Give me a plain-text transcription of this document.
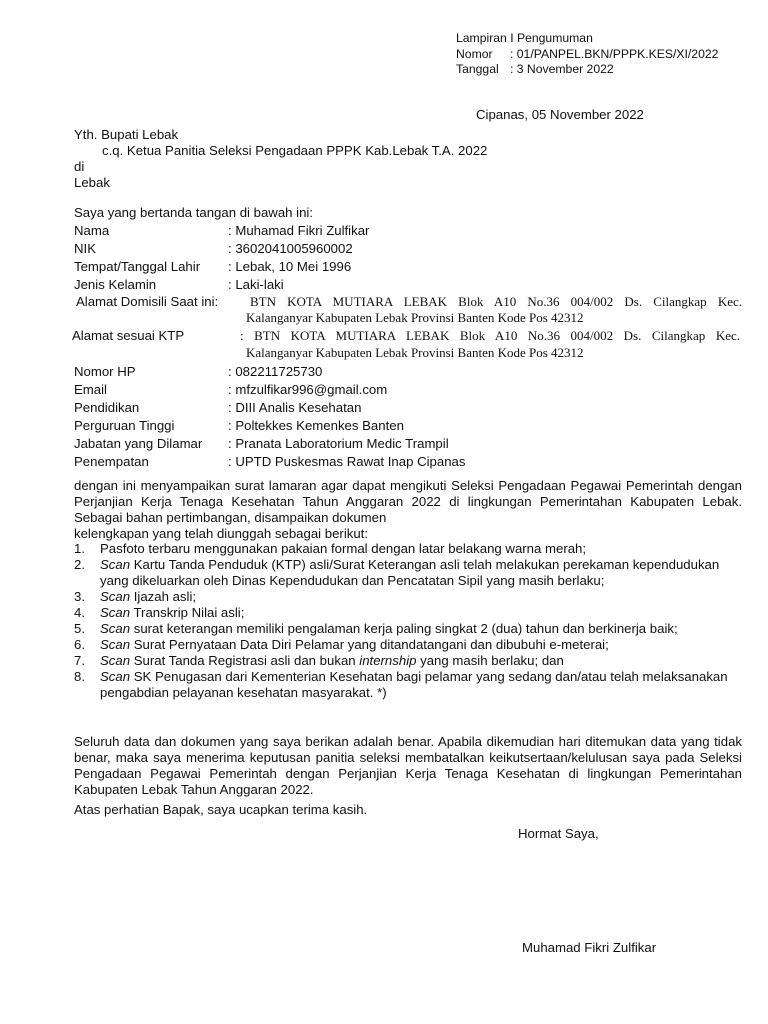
Lampiran I Pengumuman
Nomor	: 01/PANPEL.BKN/PPPK.KES/XI/2022
Tanggal : 3 November 2022
Cipanas, 05 November 2022
Yth. Bupati Lebak
c.q. Ketua Panitia Seleksi Pengadaan PPPK Kab.Lebak T.A. 2022
di
Lebak
Saya yang bertanda tangan di bawah ini:
Nama	: Muhamad Fikri Zulfikar
NIK	: 3602041005960002
Tempat/Tanggal Lahir	: Lebak, 10 Mei 1996
Jenis Kelamin	: Laki-laki
Alamat Domisili Saat ini: BTN KOTA MUTIARA LEBAK Blok A10 No.36 004/002 Ds. Cilangkap Kec.
Kalanganyar Kabupaten Lebak Provinsi Banten Kode Pos 42312
Alamat sesuai KTP	: BTN KOTA MUTIARA LEBAK Blok A10 No.36 004/002 Ds. Cilangkap Kec.
Kalanganyar Kabupaten Lebak Provinsi Banten Kode Pos 42312
Nomor HP	: 082211725730
Email	: mfzulfikar996@gmail.com
Pendidikan	: DIII Analis Kesehatan
Perguruan Tinggi	: Poltekkes Kemenkes Banten
Jabatan yang Dilamar	: Pranata Laboratorium Medic Trampil
Penempatan	: UPTD Puskesmas Rawat Inap Cipanas
dengan ini menyampaikan surat lamaran agar dapat mengikuti Seleksi Pengadaan Pegawai Pemerintah dengan Perjanjian Kerja Tenaga Kesehatan Tahun Anggaran 2022 di lingkungan Pemerintahan Kabupaten Lebak. Sebagai bahan pertimbangan, disampaikan dokumen
kelengkapan yang telah diunggah sebagai berikut:
1.	Pasfoto terbaru menggunakan pakaian formal dengan latar belakang warna merah;
2.	Scan Kartu Tanda Penduduk (KTP) asli/Surat Keterangan asli telah melakukan perekaman kependudukan yang dikeluarkan oleh Dinas Kependudukan dan Pencatatan Sipil yang masih berlaku;
3.	Scan Ijazah asli;
4.	Scan Transkrip Nilai asli;
5.	Scan surat keterangan memiliki pengalaman kerja paling singkat 2 (dua) tahun dan berkinerja baik;
6.	Scan Surat Pernyataan Data Diri Pelamar yang ditandatangani dan dibubuhi e-meterai;
7.	Scan Surat Tanda Registrasi asli dan bukan internship yang masih berlaku; dan
8.	Scan SK Penugasan dari Kementerian Kesehatan bagi pelamar yang sedang dan/atau telah melaksanakan pengabdian pelayanan kesehatan masyarakat. *)
Seluruh data dan dokumen yang saya berikan adalah benar. Apabila dikemudian hari ditemukan data yang tidak benar, maka saya menerima keputusan panitia seleksi membatalkan keikutsertaan/kelulusan saya pada Seleksi Pengadaan Pegawai Pemerintah dengan Perjanjian Kerja Tenaga Kesehatan di lingkungan Pemerintahan Kabupaten Lebak Tahun Anggaran 2022.
Atas perhatian Bapak, saya ucapkan terima kasih.
Hormat Saya,
Muhamad Fikri Zulfikar
